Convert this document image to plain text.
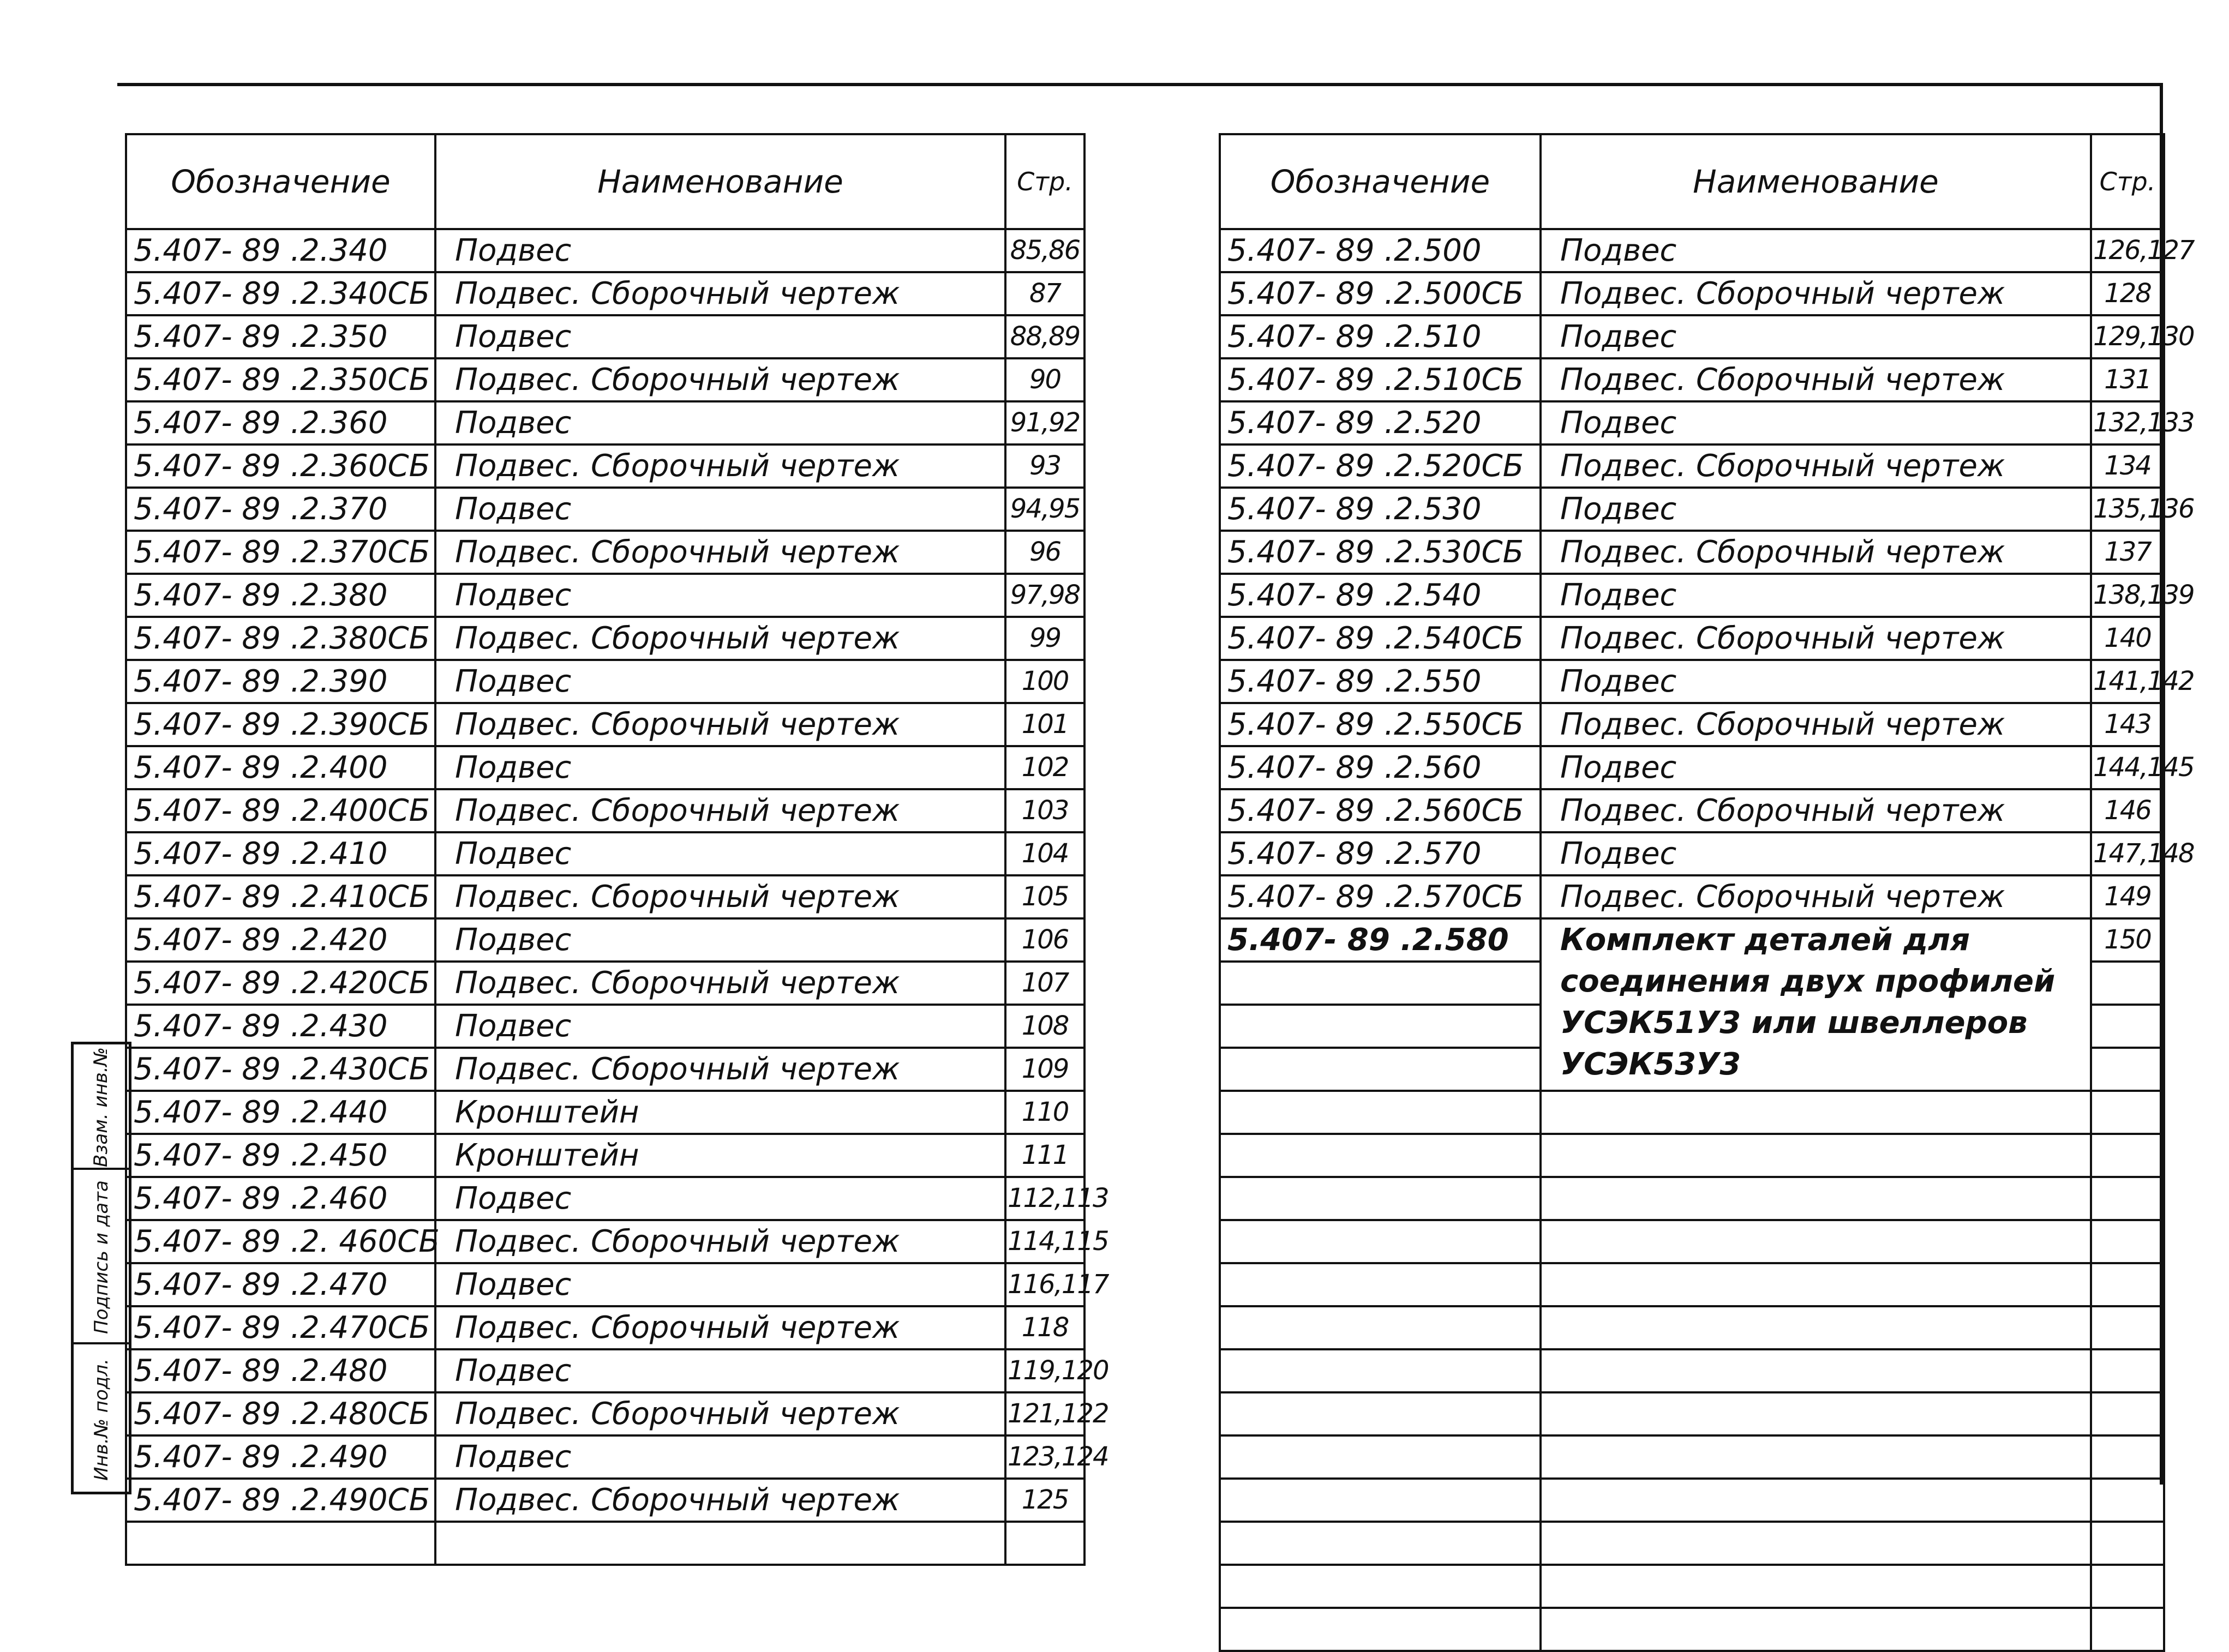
Обозначение	Наименование	Стр.
5.407- 89 .2.340	Подвес	85,86
5.407- 89 .2.340СБ	Подвес. Сборочный чертеж	87
5.407- 89 .2.350	Подвес	88,89
5.407- 89 .2.350СБ	Подвес. Сборочный чертеж	90
5.407- 89 .2.360	Подвес	91,92
5.407- 89 .2.360СБ	Подвес. Сборочный чертеж	93
5.407- 89 .2.370	Подвес	94,95
5.407- 89 .2.370СБ	Подвес. Сборочный чертеж	96
5.407- 89 .2.380	Подвес	97,98
5.407- 89 .2.380СБ	Подвес. Сборочный чертеж	99
5.407- 89 .2.390	Подвес	100
5.407- 89 .2.390СБ	Подвес. Сборочный чертеж	101
5.407- 89 .2.400	Подвес	102
5.407- 89 .2.400СБ	Подвес. Сборочный чертеж	103
5.407- 89 .2.410	Подвес	104
5.407- 89 .2.410СБ	Подвес. Сборочный чертеж	105
5.407- 89 .2.420	Подвес	106
5.407- 89 .2.420СБ	Подвес. Сборочный чертеж	107
5.407- 89 .2.430	Подвес	108
5.407- 89 .2.430СБ	Подвес. Сборочный чертеж	109
5.407- 89 .2.440	Кронштейн	110
5.407- 89 .2.450	Кронштейн	111
5.407- 89 .2.460	Подвес	112,113
5.407- 89 .2. 460СБ	Подвес. Сборочный чертеж	114,115
5.407- 89 .2.470	Подвес	116,117
5.407- 89 .2.470СБ	Подвес. Сборочный чертеж	118
5.407- 89 .2.480	Подвес	119,120
5.407- 89 .2.480СБ	Подвес. Сборочный чертеж	121,122
5.407- 89 .2.490	Подвес	123,124
5.407- 89 .2.490СБ	Подвес. Сборочный чертеж	125

Обозначение	Наименование	Стр.
5.407- 89 .2.500	Подвес	126,127
5.407- 89 .2.500СБ	Подвес. Сборочный чертеж	128
5.407- 89 .2.510	Подвес	129,130
5.407- 89 .2.510СБ	Подвес. Сборочный чертеж	131
5.407- 89 .2.520	Подвес	132,133
5.407- 89 .2.520СБ	Подвес. Сборочный чертеж	134
5.407- 89 .2.530	Подвес	135,136
5.407- 89 .2.530СБ	Подвес. Сборочный чертеж	137
5.407- 89 .2.540	Подвес	138,139
5.407- 89 .2.540СБ	Подвес. Сборочный чертеж	140
5.407- 89 .2.550	Подвес	141,142
5.407- 89 .2.550СБ	Подвес. Сборочный чертеж	143
5.407- 89 .2.560	Подвес	144,145
5.407- 89 .2.560СБ	Подвес. Сборочный чертеж	146
5.407- 89 .2.570	Подвес	147,148
5.407- 89 .2.570СБ	Подвес. Сборочный чертеж	149
5.407- 89 .2.580	Комплект деталей для соединения двух профилей УСЭК51У3 или швеллеров УСЭК53У3	150

Взам. инв.№
Подпись и дата
Инв.№ подл.
